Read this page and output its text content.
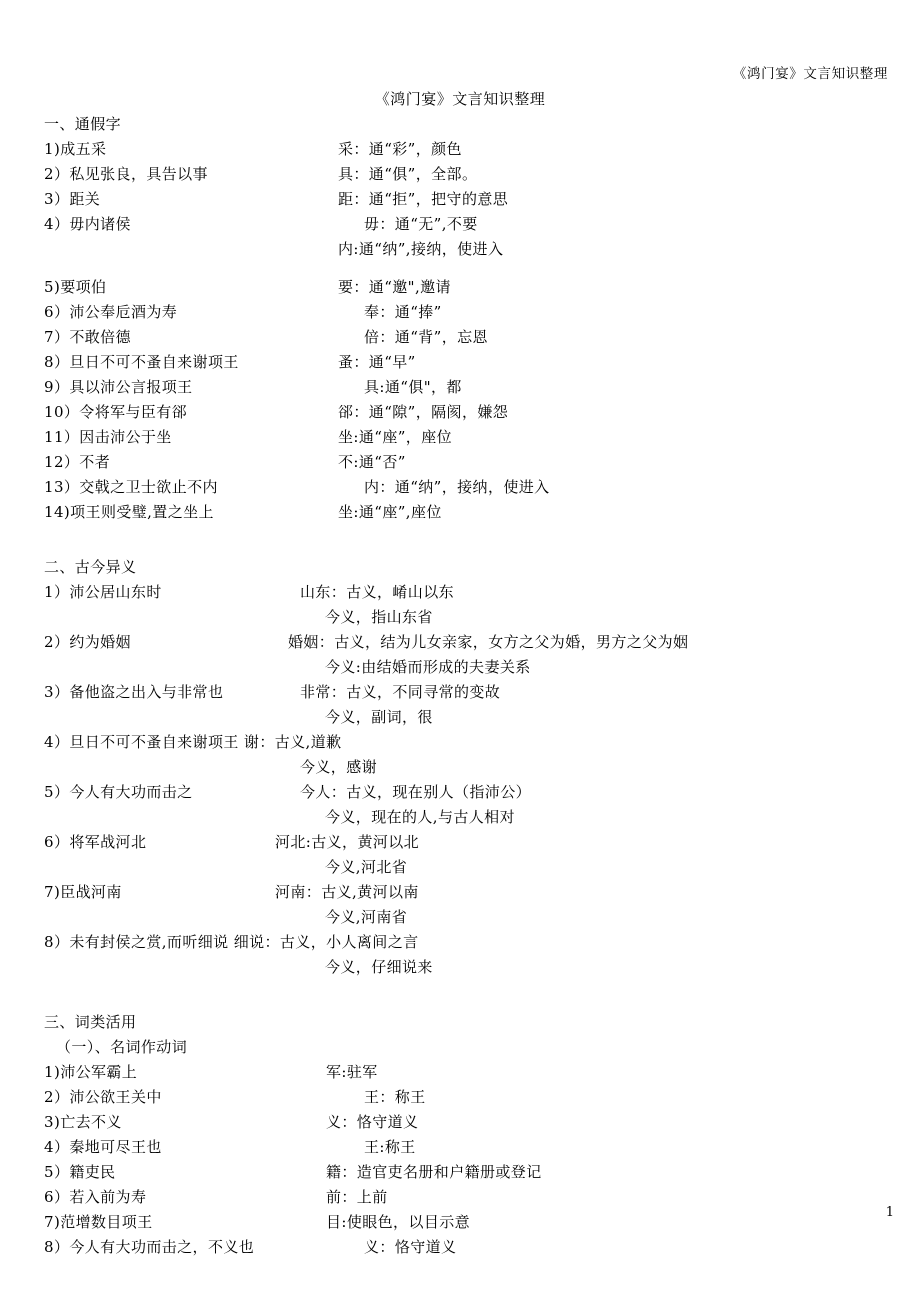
《鸿门宴》文言知识整理
《鸿门宴》文言知识整理
一、通假字
1)成五采	采：通“彩”，颜色
2）私见张良，具告以事	具：通“俱”，全部。
3）距关	距：通“拒”，把守的意思
4）毋内诸侯	毋：通“无”,不要
内:通“纳”,接纳，使进入
5)要项伯	要：通“邀",邀请
6）沛公奉卮酒为寿	奉：通“捧”
7）不敢倍德	倍：通“背”，忘恩
8）旦日不可不蚤自来谢项王	蚤：通“早”
9）具以沛公言报项王	具:通“俱"，都
10）令将军与臣有郤	郤：通“隙”，隔阂，嫌怨
11）因击沛公于坐	坐:通“座”，座位
12）不者	不:通“否”
13）交戟之卫士欲止不内	内：通“纳”，接纳，使进入
14)项王则受璧,置之坐上	坐:通“座”,座位
二、古今异义
1）沛公居山东时	山东：古义，崤山以东
今义，指山东省
2）约为婚姻	婚姻：古义，结为儿女亲家，女方之父为婚，男方之父为姻
今义:由结婚而形成的夫妻关系
3）备他盗之出入与非常也	非常：古义，不同寻常的变故
今义，副词，很
4）旦日不可不蚤自来谢项王 谢：古义,道歉
今义，感谢
5）今人有大功而击之	今人：古义，现在别人（指沛公）
今义，现在的人,与古人相对
6）将军战河北	河北:古义，黄河以北
今义,河北省
7)臣战河南	河南：古义,黄河以南
今义,河南省
8）未有封侯之赏,而听细说 细说：古义，小人离间之言
今义，仔细说来
三、词类活用
（一）、名词作动词
1)沛公军霸上	军:驻军
2）沛公欲王关中	王：称王
3)亡去不义	义：恪守道义
4）秦地可尽王也	王:称王
5）籍吏民	籍：造官吏名册和户籍册或登记
6）若入前为寿	前：上前
7)范增数目项王	目:使眼色，以目示意
8）今人有大功而击之，不义也	义：恪守道义
1
